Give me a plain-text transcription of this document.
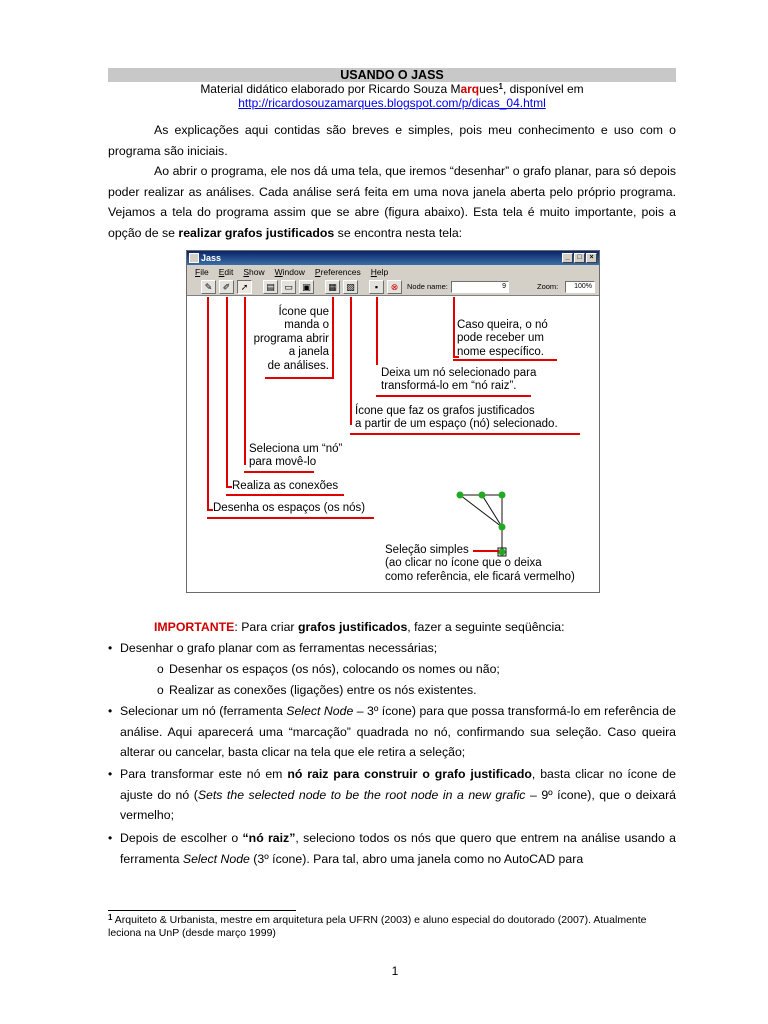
USANDO O JASS
Material didático elaborado por Ricardo Souza Marques$^1$, disponível em
http://ricardosouzamarques.blogspot.com/p/dicas_04.html
As explicações aqui contidas são breves e simples, pois meu conhecimento e uso com o programa são iniciais.
Ao abrir o programa, ele nos dá uma tela, que iremos “desenhar” o grafo planar, para só depois poder realizar as análises. Cada análise será feita em uma nova janela aberta pelo próprio programa. Vejamos a tela do programa assim que se abre (figura abaixo). Esta tela é muito importante, pois a opção de se realizar grafos justificados se encontra nesta tela:
Jass	_	□	×
File Edit Show Window Preferences Help
✎	✐	➚	▤	▭	▣	▦	▧	▪	⊗	Node name:	9	Zoom:	100%
Ícone que
manda o
programa abrir
a janela
de análises.
Caso queira, o nó
pode receber um
nome específico.
Deixa um nó selecionado para
transformá-lo em “nó raiz”.
Ícone que faz os grafos justificados
a partir de um espaço (nó) selecionado.
Seleciona um “nó”
para movê-lo
Realiza as conexões
Desenha os espaços (os nós)
Seleção simples
(ao clicar no ícone que o deixa
como referência, ele ficará vermelho)
IMPORTANTE: Para criar grafos justificados, fazer a seguinte seqüência:
• Desenhar o grafo planar com as ferramentas necessárias;
o Desenhar os espaços (os nós), colocando os nomes ou não;
o Realizar as conexões (ligações) entre os nós existentes.
• Selecionar um nó (ferramenta Select Node – 3º ícone) para que possa transformá-lo em referência de análise. Aqui aparecerá uma “marcação” quadrada no nó, confirmando sua seleção. Caso queira alterar ou cancelar, basta clicar na tela que ele retira a seleção;
• Para transformar este nó em nó raiz para construir o grafo justificado, basta clicar no ícone de ajuste do nó (Sets the selected node to be the root node in a new grafic – 9º ícone), que o deixará vermelho;
• Depois de escolher o “nó raiz”, seleciono todos os nós que quero que entrem na análise usando a ferramenta Select Node (3º ícone). Para tal, abro uma janela como no AutoCAD para
$^1$ Arquiteto & Urbanista, mestre em arquitetura pela UFRN (2003) e aluno especial do doutorado (2007). Atualmente leciona na UnP (desde março 1999)
1
